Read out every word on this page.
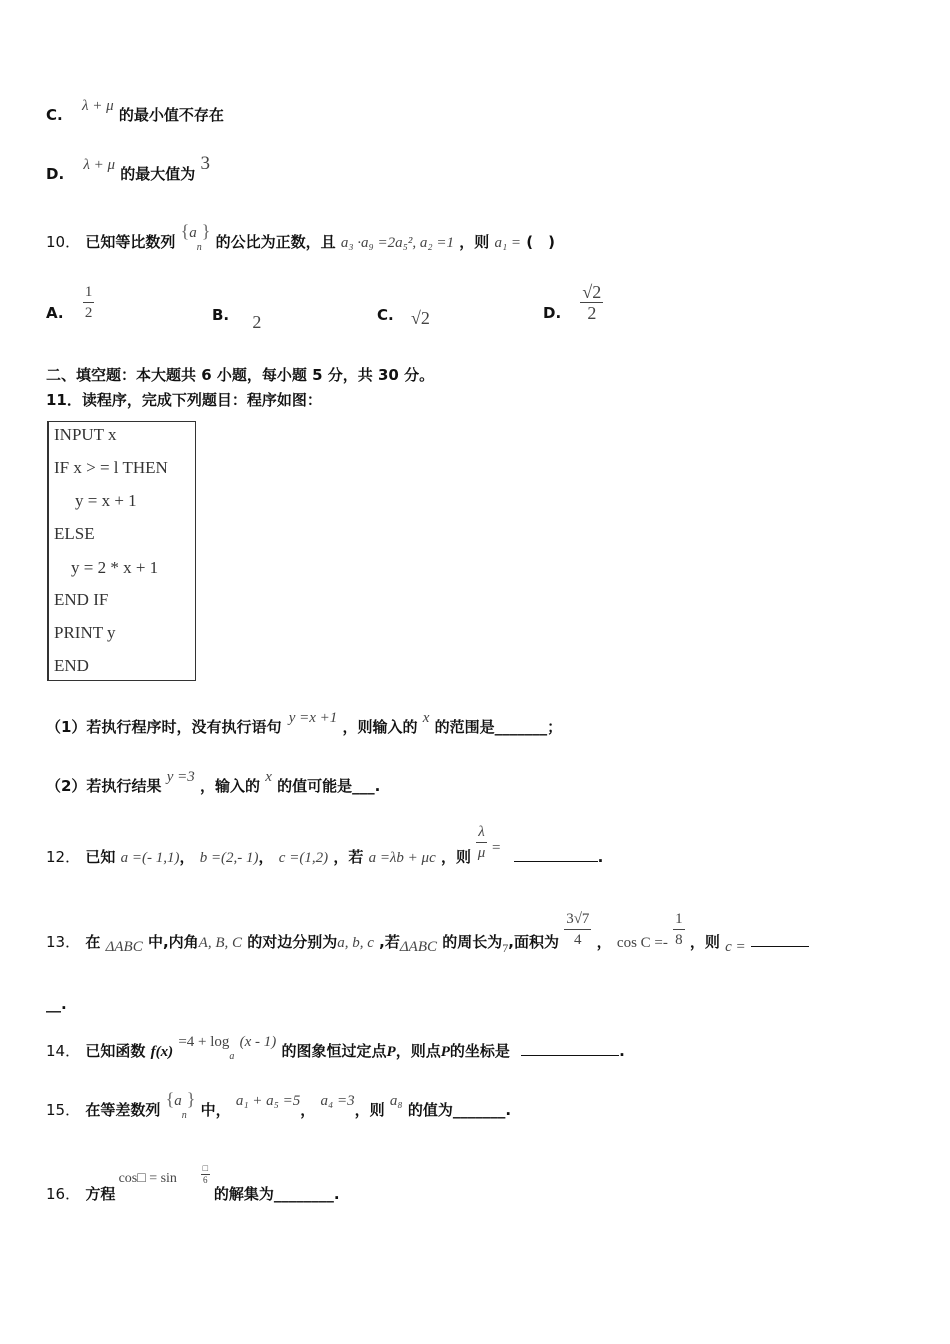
C. λ + μ 的最小值不存在
D. λ + μ 的最大值为 3
10． 已知等比数列 $\{a_n\}$ 的公比为正数，且 a₃ ·a₉ =2a₅², a₂ =1 ，则 a₁ = (　)
A. $\frac{1}{2}$	B. 2	C. √2	D. $\frac{√2}{2}$
二、填空题：本大题共 6 小题，每小题 5 分，共 30 分。
11．读程序，完成下列题目：程序如图：
INPUT x
IF x > = l THEN
y = x + 1
ELSE
y = 2 * x + 1
END IF
PRINT y
END
（1）若执行程序时，没有执行语句 y =x +1 ，则输入的 x 的范围是_______；
（2）若执行结果 y =3 ，输入的 x 的值可能是___.
12． 已知 a =(- 1,1)， b =(2,- 1)， c =(1,2) ，若 a =λb + μc ，则 $\frac{\lambda}{\mu}$ =	.
13． 在 ΔABC 中,内角A, B, C 的对边分别为a, b, c ,若ΔABC 的周长为$_7$,面积为 $\frac{3√7}{4}$ ， $\cos C =- \frac{1}{8}$ ，则 c =
__.
14． 已知函数 $f(x) =4 + \log_a (x - 1)$ 的图象恒过定点P，则点P的坐标是	.
15． 在等差数列 $\{a_n\}$ 中， a₁ + a₅ =5， a₄ =3，则 a₈ 的值为_______.
16． 方程
cos□ = sin
□
6
的解集为________.
